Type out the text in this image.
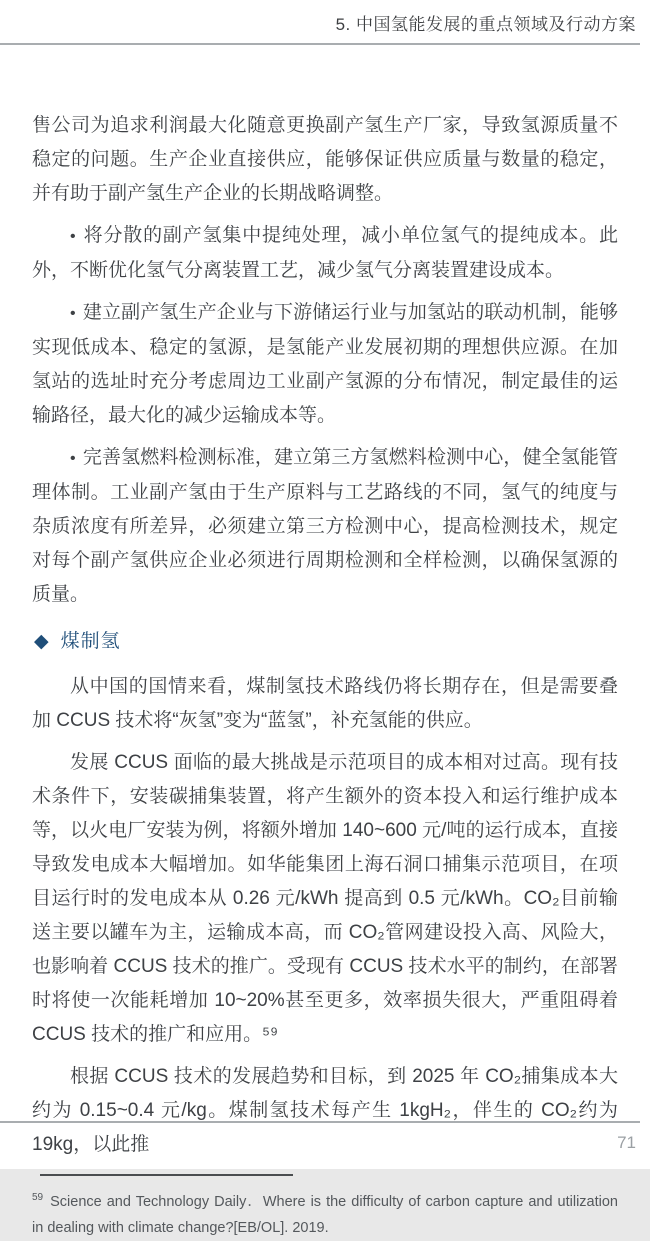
5. 中国氢能发展的重点领域及行动方案
售公司为追求利润最大化随意更换副产氢生产厂家，导致氢源质量不稳定的问题。生产企业直接供应，能够保证供应质量与数量的稳定，并有助于副产氢生产企业的长期战略调整。
• 将分散的副产氢集中提纯处理，减小单位氢气的提纯成本。此外，不断优化氢气分离装置工艺，减少氢气分离装置建设成本。
• 建立副产氢生产企业与下游储运行业与加氢站的联动机制，能够实现低成本、稳定的氢源，是氢能产业发展初期的理想供应源。在加氢站的选址时充分考虑周边工业副产氢源的分布情况，制定最佳的运输路径，最大化的减少运输成本等。
• 完善氢燃料检测标准，建立第三方氢燃料检测中心，健全氢能管理体制。工业副产氢由于生产原料与工艺路线的不同，氢气的纯度与杂质浓度有所差异，必须建立第三方检测中心，提高检测技术，规定对每个副产氢供应企业必须进行周期检测和全样检测，以确保氢源的质量。
◆ 煤制氢
从中国的国情来看，煤制氢技术路线仍将长期存在，但是需要叠加 CCUS 技术将“灰氢”变为“蓝氢”，补充氢能的供应。
发展 CCUS 面临的最大挑战是示范项目的成本相对过高。现有技术条件下，安装碳捕集装置，将产生额外的资本投入和运行维护成本等，以火电厂安装为例，将额外增加 140~600 元/吨的运行成本，直接导致发电成本大幅增加。如华能集团上海石洞口捕集示范项目，在项目运行时的发电成本从 0.26 元/kWh 提高到 0.5 元/kWh。CO₂目前输送主要以罐车为主，运输成本高，而 CO₂管网建设投入高、风险大，也影响着 CCUS 技术的推广。受现有 CCUS 技术水平的制约，在部署时将使一次能耗增加 10~20%甚至更多，效率损失很大，严重阻碍着 CCUS 技术的推广和应用。⁵⁹
根据 CCUS 技术的发展趋势和目标，到 2025 年 CO₂捕集成本大约为 0.15~0.4 元/kg。煤制氢技术每产生 1kgH₂，伴生的 CO₂约为 19kg，以此推
$^{59}$ Science and Technology Daily．Where is the difficulty of carbon capture and utilization in dealing with climate change?[EB/OL]. 2019.
71
